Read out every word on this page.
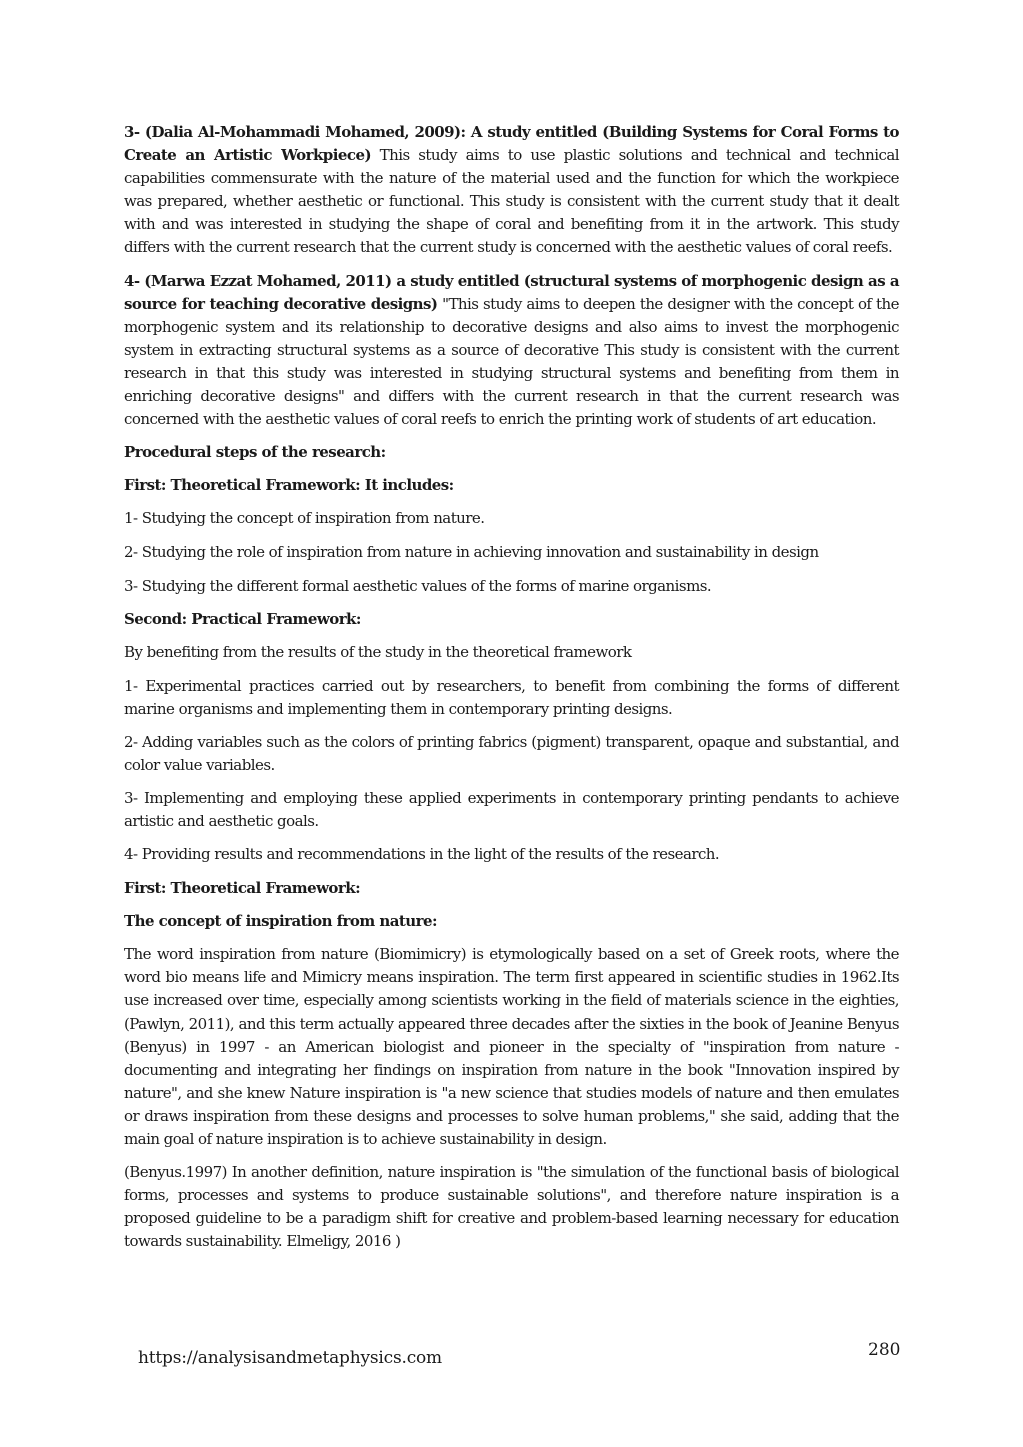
3- (Dalia Al-Mohammadi Mohamed, 2009): A study entitled (Building Systems for Coral Forms to Create an Artistic Workpiece) This study aims to use plastic solutions and technical and technical capabilities commensurate with the nature of the material used and the function for which the workpiece was prepared, whether aesthetic or functional. This study is consistent with the current study that it dealt with and was interested in studying the shape of coral and benefiting from it in the artwork. This study differs with the current research that the current study is concerned with the aesthetic values of coral reefs.

4- (Marwa Ezzat Mohamed, 2011) a study entitled (structural systems of morphogenic design as a source for teaching decorative designs) "This study aims to deepen the designer with the concept of the morphogenic system and its relationship to decorative designs and also aims to invest the morphogenic system in extracting structural systems as a source of decorative This study is consistent with the current research in that this study was interested in studying structural systems and benefiting from them in enriching decorative designs" and differs with the current research in that the current research was concerned with the aesthetic values of coral reefs to enrich the printing work of students of art education.

Procedural steps of the research:

First: Theoretical Framework: It includes:

1- Studying the concept of inspiration from nature.

2- Studying the role of inspiration from nature in achieving innovation and sustainability in design

3- Studying the different formal aesthetic values of the forms of marine organisms.

Second: Practical Framework:

By benefiting from the results of the study in the theoretical framework

1- Experimental practices carried out by researchers, to benefit from combining the forms of different marine organisms and implementing them in contemporary printing designs.

2- Adding variables such as the colors of printing fabrics (pigment) transparent, opaque and substantial, and color value variables.

3- Implementing and employing these applied experiments in contemporary printing pendants to achieve artistic and aesthetic goals.

4- Providing results and recommendations in the light of the results of the research.

First: Theoretical Framework:

The concept of inspiration from nature:

The word inspiration from nature (Biomimicry) is etymologically based on a set of Greek roots, where the word bio means life and Mimicry means inspiration. The term first appeared in scientific studies in 1962.Its use increased over time, especially among scientists working in the field of materials science in the eighties, (Pawlyn, 2011), and this term actually appeared three decades after the sixties in the book of Jeanine Benyus (Benyus) in 1997 - an American biologist and pioneer in the specialty of "inspiration from nature - documenting and integrating her findings on inspiration from nature in the book "Innovation inspired by nature", and she knew Nature inspiration is "a new science that studies models of nature and then emulates or draws inspiration from these designs and processes to solve human problems," she said, adding that the main goal of nature inspiration is to achieve sustainability in design.

(Benyus.1997) In another definition, nature inspiration is "the simulation of the functional basis of biological forms, processes and systems to produce sustainable solutions", and therefore nature inspiration is a proposed guideline to be a paradigm shift for creative and problem-based learning necessary for education towards sustainability. Elmeligy, 2016 )

https://analysisandmetaphysics.com	280
